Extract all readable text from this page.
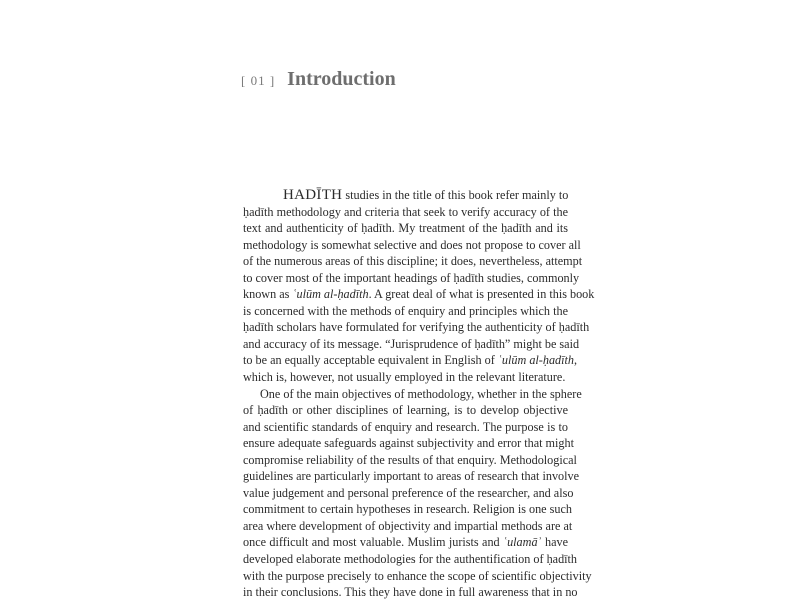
[ 01 ] Introduction
HADĪTH studies in the title of this book refer mainly to
ḥadīth methodology and criteria that seek to verify accuracy of the
text and authenticity of ḥadīth. My treatment of the ḥadīth and its
methodology is somewhat selective and does not propose to cover all
of the numerous areas of this discipline; it does, nevertheless, attempt
to cover most of the important headings of ḥadīth studies, commonly
known as ʿulūm al-ḥadīth. A great deal of what is presented in this book
is concerned with the methods of enquiry and principles which the
ḥadīth scholars have formulated for verifying the authenticity of ḥadīth
and accuracy of its message. “Jurisprudence of ḥadīth” might be said
to be an equally acceptable equivalent in English of ʿulūm al-ḥadīth,
which is, however, not usually employed in the relevant literature.
One of the main objectives of methodology, whether in the sphere
of ḥadīth or other disciplines of learning, is to develop objective
and scientific standards of enquiry and research. The purpose is to
ensure adequate safeguards against subjectivity and error that might
compromise reliability of the results of that enquiry. Methodological
guidelines are particularly important to areas of research that involve
value judgement and personal preference of the researcher, and also
commitment to certain hypotheses in research. Religion is one such
area where development of objectivity and impartial methods are at
once difficult and most valuable. Muslim jurists and ʿulamāʾ have
developed elaborate methodologies for the authentification of ḥadīth
with the purpose precisely to enhance the scope of scientific objectivity
in their conclusions. This they have done in full awareness that in no
